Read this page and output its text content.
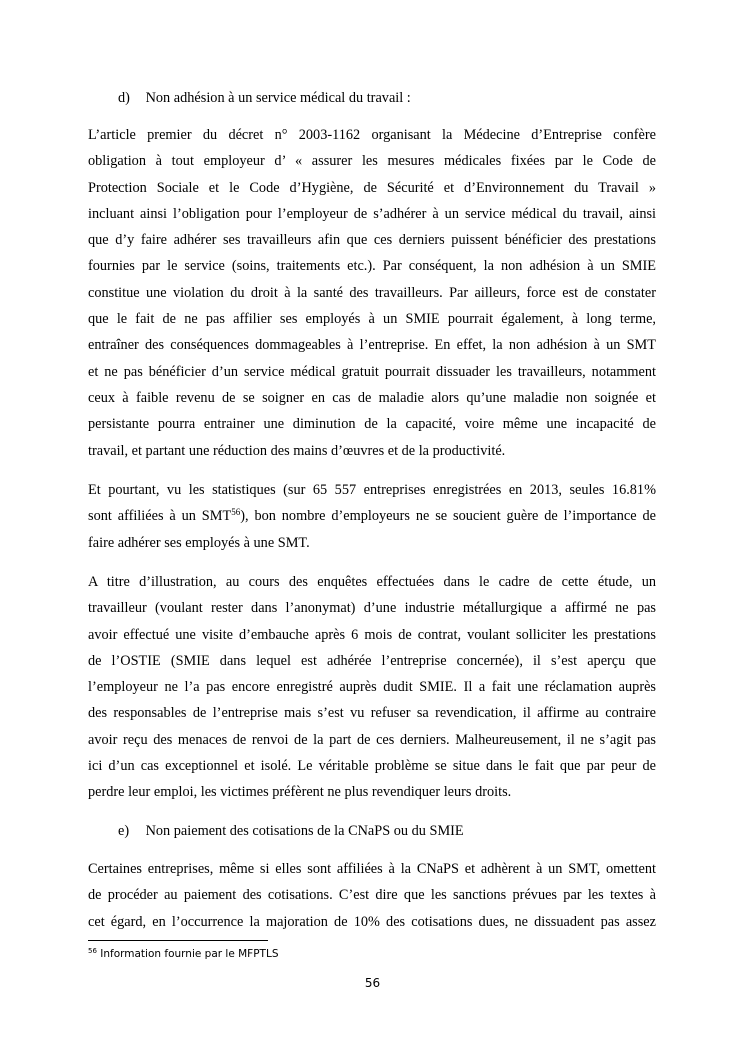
d) Non adhésion à un service médical du travail :
L’article premier du décret n° 2003-1162 organisant la Médecine d’Entreprise confère
obligation à tout employeur d’ « assurer les mesures médicales fixées par le Code de
Protection Sociale et le Code d’Hygiène, de Sécurité et d’Environnement du Travail »
incluant ainsi l’obligation pour l’employeur de s’adhérer à un service médical du travail, ainsi
que d’y faire adhérer ses travailleurs afin que ces derniers puissent bénéficier des prestations
fournies par le service (soins, traitements etc.). Par conséquent, la non adhésion à un SMIE
constitue une violation du droit à la santé des travailleurs. Par ailleurs, force est de constater
que le fait de ne pas affilier ses employés à un SMIE pourrait également, à long terme,
entraîner des conséquences dommageables à l’entreprise. En effet, la non adhésion à un SMT
et ne pas bénéficier d’un service médical gratuit pourrait dissuader les travailleurs, notamment
ceux à faible revenu de se soigner en cas de maladie alors qu’une maladie non soignée et
persistante pourra entrainer une diminution de la capacité, voire même une incapacité de
travail, et partant une réduction des mains d’œuvres et de la productivité.
Et pourtant, vu les statistiques (sur 65 557 entreprises enregistrées en 2013, seules 16.81%
sont affiliées à un SMT$^{56}$), bon nombre d’employeurs ne se soucient guère de l’importance de
faire adhérer ses employés à une SMT.
A titre d’illustration, au cours des enquêtes effectuées dans le cadre de cette étude, un
travailleur (voulant rester dans l’anonymat) d’une industrie métallurgique a affirmé ne pas
avoir effectué une visite d’embauche après 6 mois de contrat, voulant solliciter les prestations
de l’OSTIE (SMIE dans lequel est adhérée l’entreprise concernée), il s’est aperçu que
l’employeur ne l’a pas encore enregistré auprès dudit SMIE. Il a fait une réclamation auprès
des responsables de l’entreprise mais s’est vu refuser sa revendication, il affirme au contraire
avoir reçu des menaces de renvoi de la part de ces derniers. Malheureusement, il ne s’agit pas
ici d’un cas exceptionnel et isolé. Le véritable problème se situe dans le fait que par peur de
perdre leur emploi, les victimes préfèrent ne plus revendiquer leurs droits.
e) Non paiement des cotisations de la CNaPS ou du SMIE
Certaines entreprises, même si elles sont affiliées à la CNaPS et adhèrent à un SMT, omettent
de procéder au paiement des cotisations. C’est dire que les sanctions prévues par les textes à
cet égard, en l’occurrence la majoration de 10% des cotisations dues, ne dissuadent pas assez
$^{56}$ Information fournie par le MFPTLS
56
